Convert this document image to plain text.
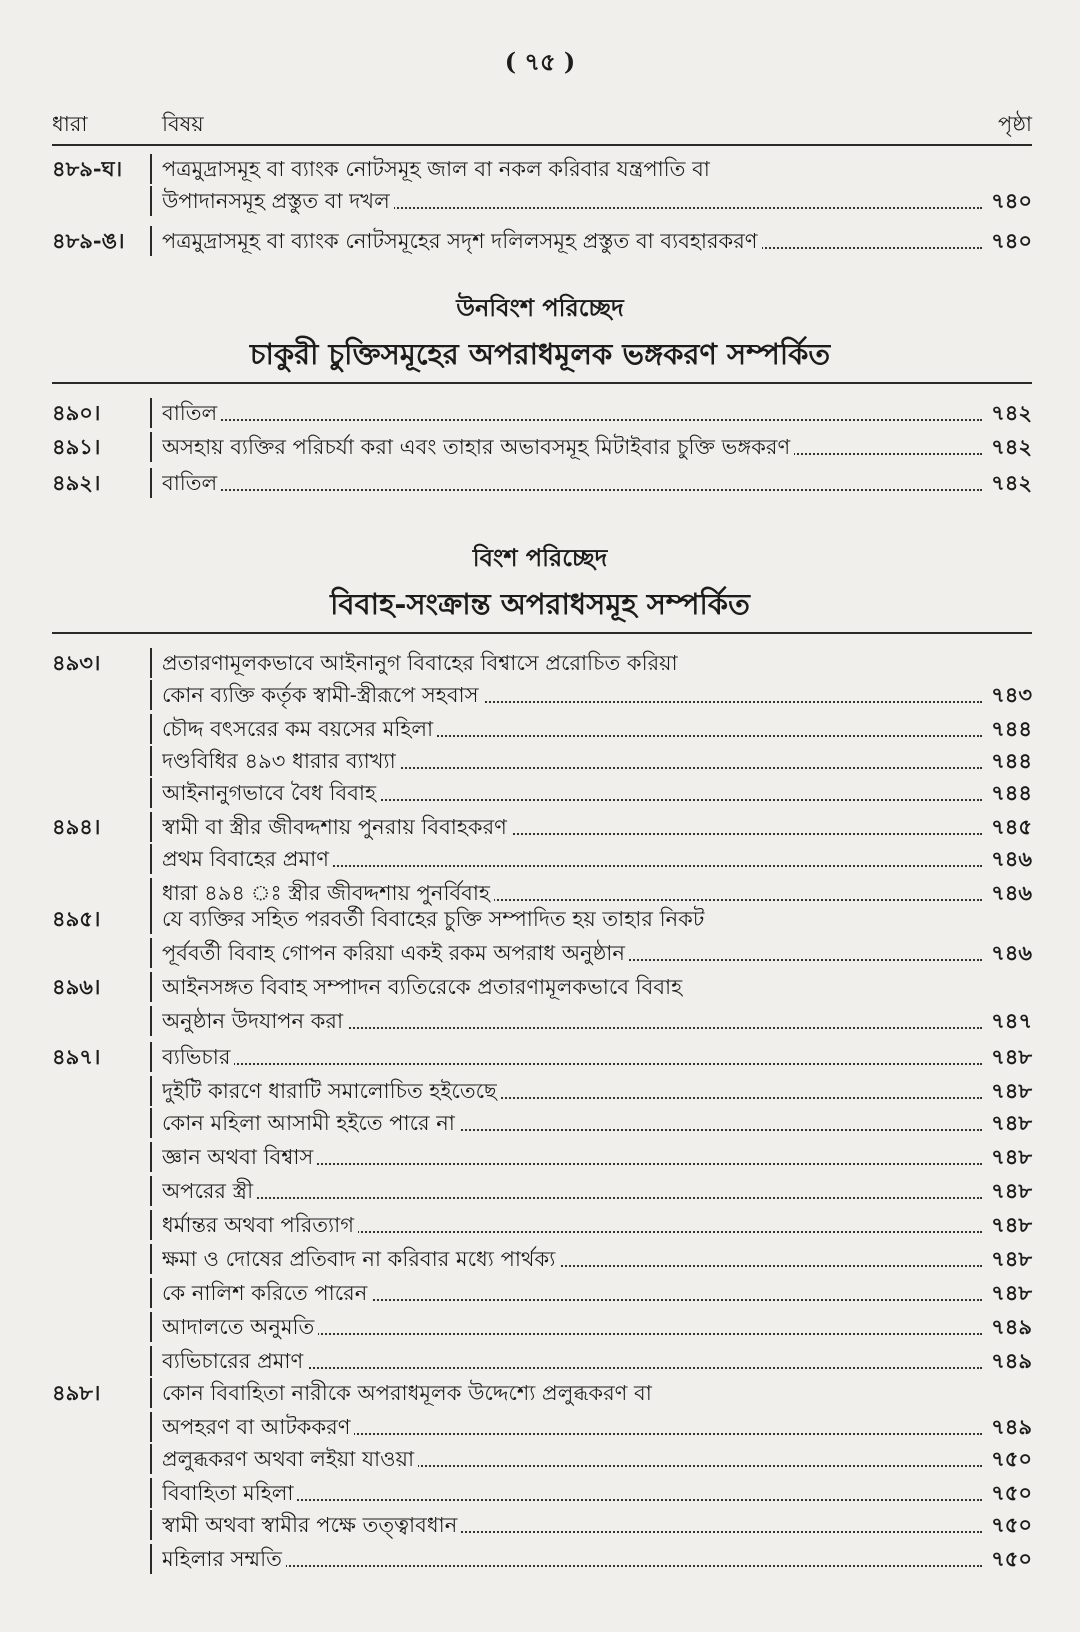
( ৭৫ )
ধারা	বিষয়	পৃষ্ঠা
উনবিংশ পরিচ্ছেদ
চাকুরী চুক্তিসমূহের অপরাধমূলক ভঙ্গকরণ সম্পর্কিত
বিংশ পরিচ্ছেদ
বিবাহ-সংক্রান্ত অপরাধসমূহ সম্পর্কিত
৪৮৯-ঘ।	পত্রমুদ্রাসমূহ বা ব্যাংক নোটসমূহ জাল বা নকল করিবার যন্ত্রপাতি বা
উপাদানসমূহ প্রস্তুত বা দখল	৭৪০
৪৮৯-ঙ।	পত্রমুদ্রাসমূহ বা ব্যাংক নোটসমূহের সদৃশ দলিলসমূহ প্রস্তুত বা ব্যবহারকরণ	৭৪০
৪৯০।	বাতিল	৭৪২
৪৯১।	অসহায় ব্যক্তির পরিচর্যা করা এবং তাহার অভাবসমূহ মিটাইবার চুক্তি ভঙ্গকরণ	৭৪২
৪৯২।	বাতিল	৭৪২
৪৯৩।	প্রতারণামূলকভাবে আইনানুগ বিবাহের বিশ্বাসে প্ররোচিত করিয়া
কোন ব্যক্তি কর্তৃক স্বামী-স্ত্রীরূপে সহবাস	৭৪৩
চৌদ্দ বৎসরের কম বয়সের মহিলা	৭৪৪
দণ্ডবিধির ৪৯৩ ধারার ব্যাখ্যা	৭৪৪
আইনানুগভাবে বৈধ বিবাহ	৭৪৪
৪৯৪।	স্বামী বা স্ত্রীর জীবদ্দশায় পুনরায় বিবাহকরণ	৭৪৫
প্রথম বিবাহের প্রমাণ	৭৪৬
ধারা ৪৯৪ ঃ স্ত্রীর জীবদ্দশায় পুনর্বিবাহ	৭৪৬
৪৯৫।	যে ব্যক্তির সহিত পরবর্তী বিবাহের চুক্তি সম্পাদিত হয় তাহার নিকট
পূর্ববর্তী বিবাহ গোপন করিয়া একই রকম অপরাধ অনুষ্ঠান	৭৪৬
৪৯৬।	আইনসঙ্গত বিবাহ সম্পাদন ব্যতিরেকে প্রতারণামূলকভাবে বিবাহ
অনুষ্ঠান উদযাপন করা	৭৪৭
৪৯৭।	ব্যভিচার	৭৪৮
দুইটি কারণে ধারাটি সমালোচিত হইতেছে	৭৪৮
কোন মহিলা আসামী হইতে পারে না	৭৪৮
জ্ঞান অথবা বিশ্বাস	৭৪৮
অপরের স্ত্রী	৭৪৮
ধর্মান্তর অথবা পরিত্যাগ	৭৪৮
ক্ষমা ও দোষের প্রতিবাদ না করিবার মধ্যে পার্থক্য	৭৪৮
কে নালিশ করিতে পারেন	৭৪৮
আদালতে অনুমতি	৭৪৯
ব্যভিচারের প্রমাণ	৭৪৯
৪৯৮।	কোন বিবাহিতা নারীকে অপরাধমূলক উদ্দেশ্যে প্রলুব্ধকরণ বা
অপহরণ বা আটককরণ	৭৪৯
প্রলুব্ধকরণ অথবা লইয়া যাওয়া	৭৫০
বিবাহিতা মহিলা	৭৫০
স্বামী অথবা স্বামীর পক্ষে তত্ত্বাবধান	৭৫০
মহিলার সম্মতি	৭৫০
